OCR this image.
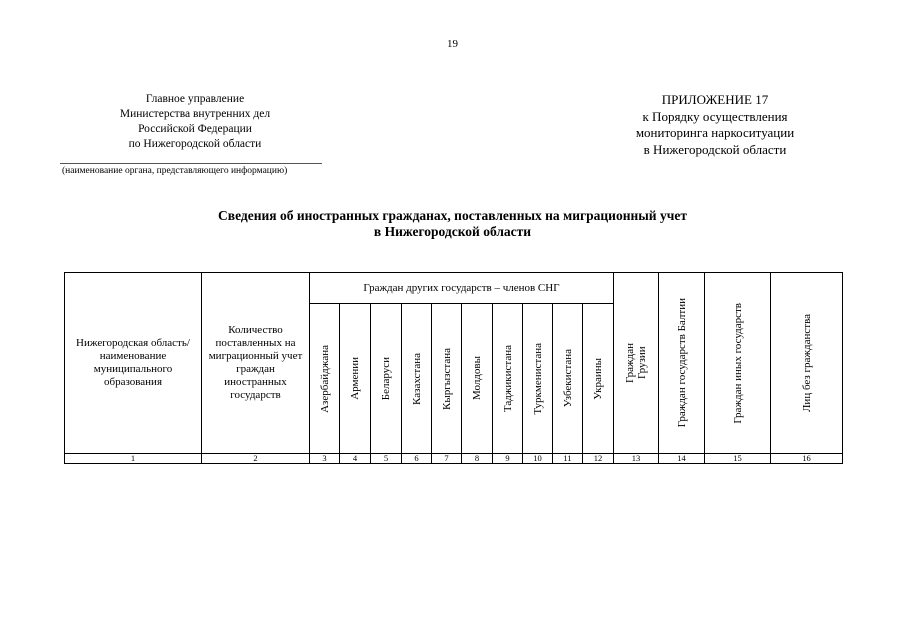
19
Главное управление
Министерства внутренних дел
Российской Федерации
по Нижегородской области
(наименование органа, представляющего информацию)
ПРИЛОЖЕНИЕ 17
к Порядку осуществления
мониторинга наркоситуации
в Нижегородской области
Сведения об иностранных гражданах, поставленных на миграционный учет
в Нижегородской области
Нижегородская область/ наименование муниципального образования	Количество поставленных на миграционный учет граждан иностранных государств	Граждан других государств – членов СНГ										Граждан Грузии	Граждан государств Балтии	Граждан иных государств	Лиц без гражданства

		Азербайджана	Армении	Беларуси	Казахстана	Кыргызстана	Молдовы	Таджикистана	Туркменистана	Узбекистана	Украины				

1	2	3	4	5	6	7	8	9	10	11	12	13	14	15	16
